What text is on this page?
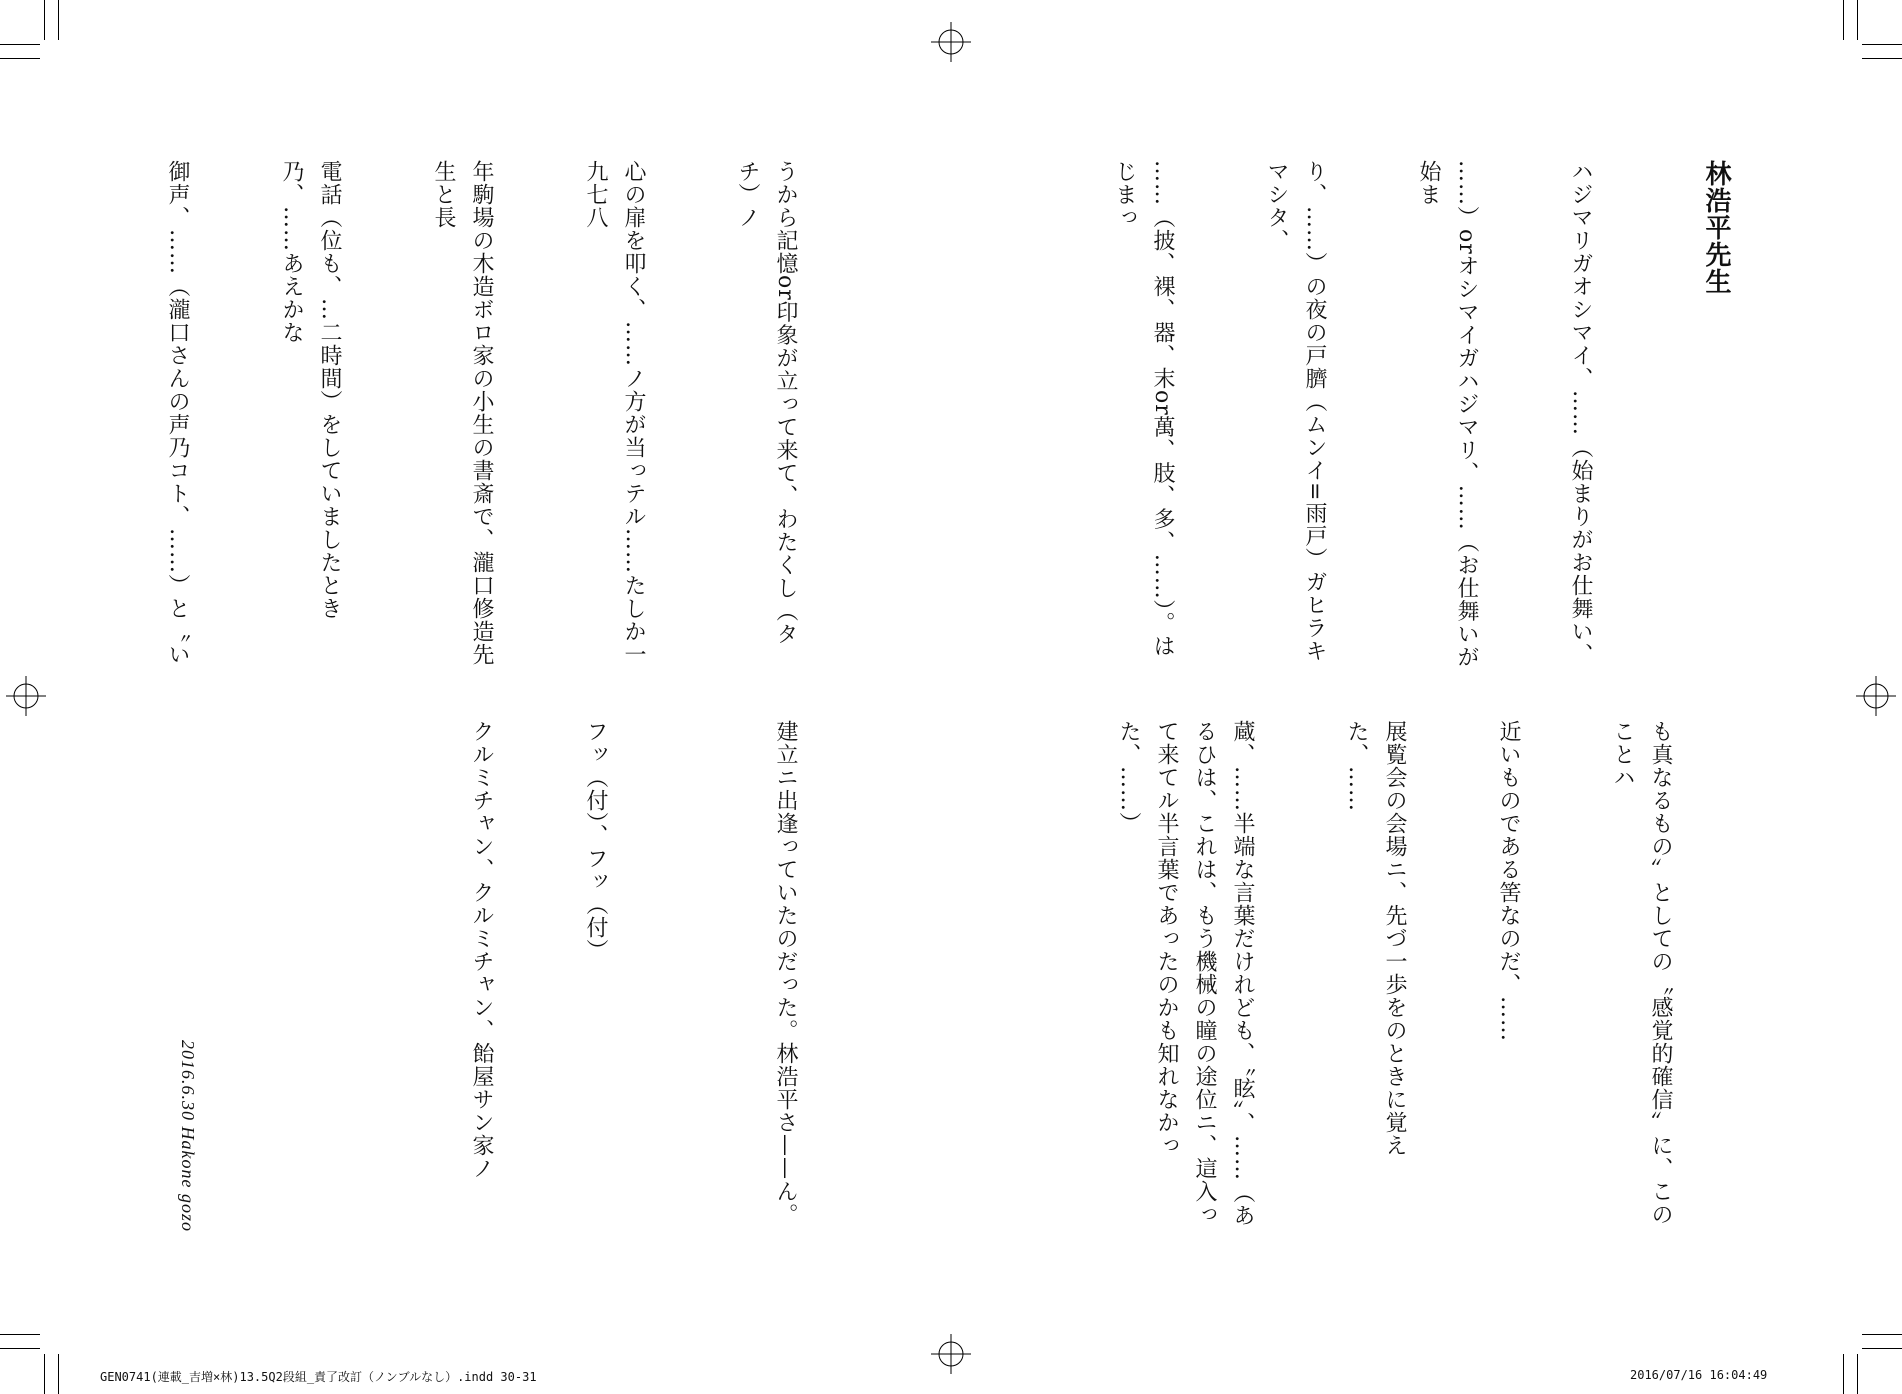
林浩平先生

ハジマリガオシマイ、……（始まりがお仕舞い、

……）orオシマイガハジマリ、……（お仕舞いが始ま

り、……）の夜の戸臍（ムンイ=雨戸）ガヒラキマシタ、

……（披、裸、器、末or萬、肢、多、……）。はじまっ

も真なるもの〟としての〝感覚的確信〟に、このことハ

近いものである筈なのだ、……

展覧会の会場ニ、先づ一歩をのときに覚えた、……

蔵、……半端な言葉だけれども、〝眩〟、……（あるひは、これは、もう機械の瞳の途位ニ、這入って来てル半言葉であったのかも知れなかった、……）

うから記憶or印象が立って来て、わたくし（タチ）ノ

心の扉を叩く、……ノ方が当っテル……たしか一九七八

年駒場の木造ボロ家の小生の書斎で、瀧口修造先生と長

電話（位も、…二時間）をしていましたとき乃、……あえかな

御声、……（瀧口さんの声乃コト、……）と〝い

建立ニ出逢っていたのだった。林浩平さ——ん。

フッ（付）、フッ（付）

クルミチャン、クルミチャン、飴屋サン家ノ

2016.6.30 Hakone gozo
GEN0741(連載_吉増×林)13.5Q2段組_責了改訂（ノンブルなし）.indd 30-31	2016/07/16 16:04:49
